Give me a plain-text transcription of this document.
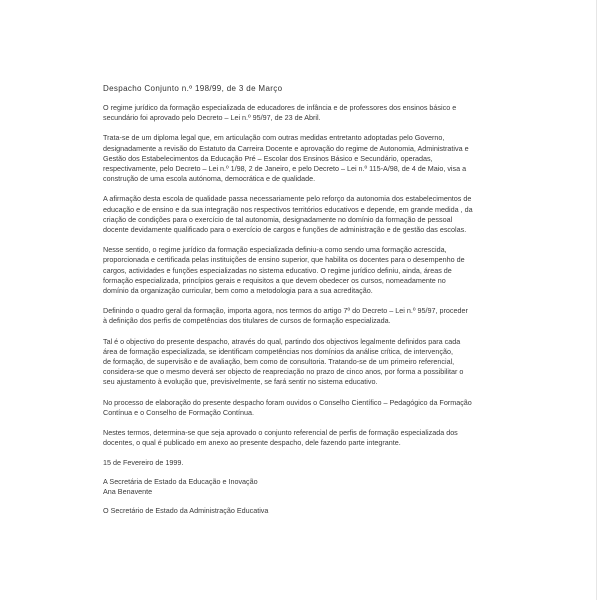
Despacho Conjunto n.º 198/99, de 3 de Março
O regime jurídico da formação especializada de educadores de infância e de professores dos ensinos básico e
secundário foi aprovado pelo Decreto – Lei n.º 95/97, de 23 de Abril.
Trata-se de um diploma legal que, em articulação com outras medidas entretanto adoptadas pelo Governo,
designadamente a revisão do Estatuto da Carreira Docente e aprovação do regime de Autonomia, Administrativa e
Gestão dos Estabelecimentos da Educação Pré – Escolar dos Ensinos Básico e Secundário, operadas,
respectivamente, pelo Decreto – Lei n.º 1/98, 2 de Janeiro, e pelo Decreto – Lei n.º 115-A/98, de 4 de Maio, visa a
construção de uma escola autónoma, democrática e de qualidade.
A afirmação desta escola de qualidade passa necessariamente pelo reforço da autonomia dos estabelecimentos de
educação e de ensino e da sua integração nos respectivos territórios educativos e depende, em grande medida , da
criação de condições para o exercício de tal autonomia, designadamente no domínio da formação de pessoal
docente devidamente qualificado para o exercício de cargos e funções de administração e de gestão das escolas.
Nesse sentido, o regime jurídico da formação especializada definiu-a como sendo uma formação acrescida,
proporcionada e certificada pelas instituições de ensino superior, que habilita os docentes para o desempenho de
cargos, actividades e funções especializadas no sistema educativo. O regime jurídico definiu, ainda, áreas de
formação especializada, princípios gerais e requisitos a que devem obedecer os cursos, nomeadamente no
domínio da organização curricular, bem como a metodologia para a sua acreditação.
Definindo o quadro geral da formação, importa agora, nos termos do artigo 7º do Decreto – Lei n.º 95/97, proceder
à definição dos perfis de competências dos titulares de cursos de formação especializada.
Tal é o objectivo do presente despacho, através do qual, partindo dos objectivos legalmente definidos para cada
área de formação especializada, se identificam competências nos domínios da análise crítica, de intervenção,
de formação, de supervisão e de avaliação, bem como de consultoria. Tratando-se de um primeiro referencial,
considera-se que o mesmo deverá ser objecto de reapreciação no prazo de cinco anos, por forma a possibilitar o
seu ajustamento à evolução que, previsivelmente, se fará sentir no sistema educativo.
No processo de elaboração do presente despacho foram ouvidos o Conselho Científico – Pedagógico da Formação
Contínua e o Conselho de Formação Contínua.
Nestes termos, determina-se que seja aprovado o conjunto referencial de perfis de formação especializada dos
docentes, o qual é publicado em anexo ao presente despacho, dele fazendo parte integrante.
15 de Fevereiro de 1999.
A Secretária de Estado da Educação e Inovação
Ana Benavente
O Secretário de Estado da Administração Educativa
